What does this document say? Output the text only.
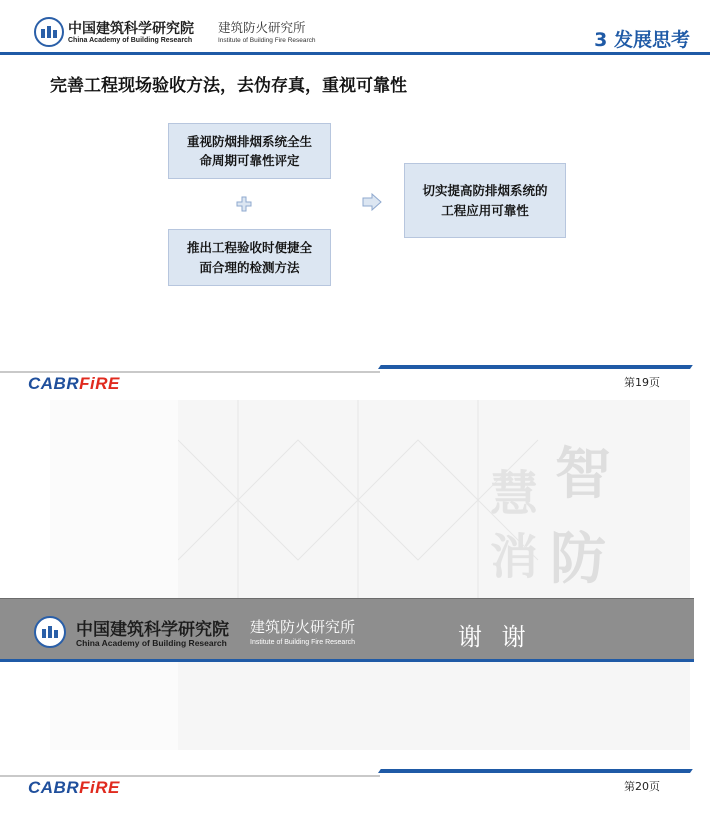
中国建筑科学研究院
China Academy of Building Research
建筑防火研究所
Institute of Building Fire Research	3 发展思考
完善工程现场验收方法，去伪存真，重视可靠性
重视防烟排烟系统全生
命周期可靠性评定
推出工程验收时便捷全
面合理的检测方法
切实提高防排烟系统的
工程应用可靠性
CABRFiRE	第19页
智
慧
消 防
中国建筑科学研究院
China Academy of Building Research
建筑防火研究所
Institute of Building Fire Research	谢 谢
CABRFiRE	第20页
